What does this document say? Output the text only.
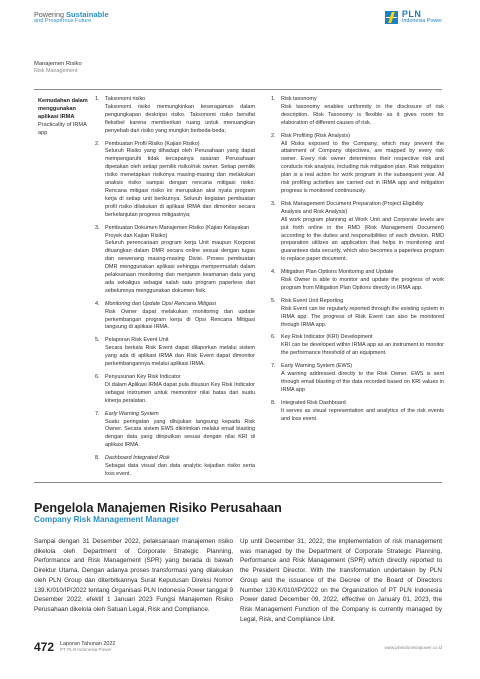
Powering Sustainable
and Prosperous Future
PLN
Indonesia Power
Manajemen Risiko
Risk Management
Kemudahan dalam menggunakan aplikasi IRMA
Practicality of IRMA app
1.	Taksonomi risiko
Taksonomi risiko memungkinkan keseragaman dalam pengungkapan deskripsi risiko. Taksonomi risiko bersifat fleksibel karena memberikan ruang untuk menuangkan penyebab dari risiko yang mungkin berbeda-beda;
2.	Pembuatan Profil Risiko (Kajian Risiko)
Seluruh Risiko yang dihadapi oleh Perusahaan yang dapat mempengaruhi tidak tercapainya sasaran Perusahaan dipetakan oleh setiap pemilik risiko/risk owner. Setiap pemilik risiko menetapkan risikonya masing-masing dan melakukan analisis risiko sampai dengan rencana mitigasi risiko. Rencana mitigasi risiko ini merupakan aksi nyata program kerja di setiap unit berikutnya. Seluruh kegiatan pembuatan profil risiko dilakukan di aplikasi IRMA dan dimonitor secara berkelanjutan progress mitigasinya;
3.	Pembuatan Dokumen Manajemen Risiko (Kajian Kelayakan Proyek dan Kajian Risiko)
Seluruh perencanaan program kerja Unit maupun Korporat dituangkan dalam DMR secara online sesuai dengan tugas dan wewenang masing-masing Divisi. Proses pembuatan DMR menggunakan aplikasi sehingga mempermudah dalam pelaksanaan monitoring dan menjamin keamanan data yang ada sekaligus sebagai salah satu program paperless dari sebelumnya menggunakan dokumen fisik.
4.	Monitoring dan Update Opsi Rencana Mitigasi
Risk Owner dapat melakukan monitoring dan update perkembangan program kerja di Opsi Rencana Mitigasi langsung di aplikasi IRMA.
5.	Pelaporan Risk Event Unit
Secara berkala Risk Event dapat dilaporkan melalui sistem yang ada di aplikasi IRMA dan Risk Event dapat dimonitor perkembangannya melalui aplikasi IRMA.
6.	Penyusunan Key Risk Indicator
Di dalam Aplikasi IRMA dapat pula disusun Key Risk Indicator sebagai instrumen untuk memonitor nilai batas dari suatu kinerja peralatan.
7.	Early Warning System
Suatu peringatan yang ditujukan langsung kepada Risk Owner. Secara sistem EWS dikirimkan melalui email blasting dengan data yang diinputkan sesuai dengan nilai KRI di aplikasi IRMA.
8.	Dashboard Integrated Risk
Sebagai data visual dan data analytic kejadian risiko serta loss event.
1.	Risk taxonomy
Risk taxonomy enables uniformity in the disclosure of risk description. Risk Taxonomy is flexible as it gives room for elaboration of different causes of risk.
2.	Risk Profiling (Risk Analysis)
All Risks exposed to the Company, which may prevent the attainment of Company objectives, are mapped by every risk owner. Every risk owner determines their respective risk and conducts risk analysis, including risk mitigation plan. Risk mitigation plan is a real action for work program in the subsequent year. All risk profiling activities are carried out in IRMA app and mitigation progress is monitored continuously.
3.	Risk Management Document Preparation (Project Eligibility Analysis and Risk Analysis)
All work program planning at Work Unit and Corporate levels are put forth online in the RMD (Risk Management Document) according to the duties and responsibilities of each division. RMD preparation utilizes an application that helps in monitoring and guarantees data security, which also becomes a paperless program to replace paper document.
4.	Mitigation Plan Options Monitoring and Update
Risk Owner is able to monitor and update the progress of work program from Mitigation Plan Options directly in IRMA app.
5.	Risk Event Unit Reporting
Risk Event can be regularly reported through the existing system in IRMA app. The progress of Risk Event can also be monitored through IRMA app.
6.	Key Risk Indicator (KRI) Development
KRI can be developed within IRMA app as an instrument to monitor the performance threshold of an equipment.
7.	Early Warning System (EWS)
A warning addressed directly to the Risk Owner. EWS is sent through email blasting of the data recorded based on KRI values in IRMA app
8.	Integrated Risk Dashboard
It serves as visual representation and analytics of the risk events and loss event.
Pengelola Manajemen Risiko Perusahaan
Company Risk Management Manager

Sampai dengan 31 Desember 2022, pelaksanaan manajemen risiko dikelola oleh Department of Corporate Strategic Planning, Performance and Risk Management (SPR) yang berada di bawah Direktur Utama. Dengan adanya proses transformasi yang dilakukan oleh PLN Group dan diterbitkannya Surat Keputusan Direksi Nomor 139.K/010/IP/2022 tentang Organisasi PLN Indonesia Power tanggal 9 Desember 2022, efektif 1 Januari 2023 Fungsi Manajemen Risiko Perusahaan dikelola oleh Satuan Legal, Risk and Compliance.

Up until December 31, 2022, the implementation of risk management was managed by the Department of Corporate Strategic Planning, Performance and Risk Management (SPR) which directly reported to the President Director. With the transformation undertaken by PLN Group and the issuance of the Decree of the Board of Directors Number 139.K/010/IP/2022 on the Organization of PT PLN Indonesia Power dated December 09, 2022, effective on January 01, 2023, the Risk Management Function of the Company is currently managed by Legal, Risk, and Compliance Unit.

472 Laporan Tahunan 2022
PT PLN Indonesia Power	www.plnindonesiapower.co.id
